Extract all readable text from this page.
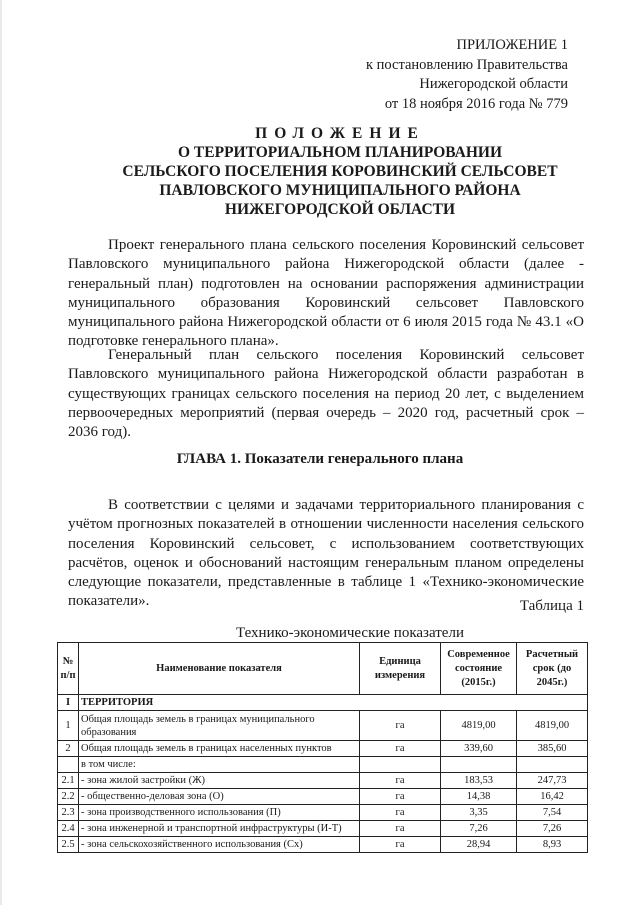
ПРИЛОЖЕНИЕ 1
к постановлению Правительства
Нижегородской области
от 18 ноября 2016 года № 779
ПОЛОЖЕНИЕ
О ТЕРРИТОРИАЛЬНОМ ПЛАНИРОВАНИИ
СЕЛЬСКОГО ПОСЕЛЕНИЯ КОРОВИНСКИЙ СЕЛЬСОВЕТ
ПАВЛОВСКОГО МУНИЦИПАЛЬНОГО РАЙОНА
НИЖЕГОРОДСКОЙ ОБЛАСТИ

Проект генерального плана сельского поселения Коровинский сельсовет Павловского муниципального района Нижегородской области (далее - генеральный план) подготовлен на основании распоряжения администрации муниципального образования Коровинский сельсовет Павловского муниципального района Нижегородской области от 6 июля 2015 года № 43.1 «О подготовке генерального плана».

Генеральный план сельского поселения Коровинский сельсовет Павловского муниципального района Нижегородской области разработан в существующих границах сельского поселения на период 20 лет, с выделением первоочередных мероприятий (первая очередь – 2020 год, расчетный срок – 2036 год).

ГЛАВА 1. Показатели генерального плана

В соответствии с целями и задачами территориального планирования с учётом прогнозных показателей в отношении численности населения сельского поселения Коровинский сельсовет, с использованием соответствующих расчётов, оценок и обоснований настоящим генеральным планом определены следующие показатели, представленные в таблице 1 «Технико-экономические показатели».	Таблица 1
Технико-экономические показатели
№ п/п	Наименование показателя	Единица измерения	Современное состояние (2015г.)	Расчетный срок (до 2045г.)
I	ТЕРРИТОРИЯ			
1	Общая площадь земель в границах муниципального образования	га	4819,00	4819,00
2	Общая площадь земель в границах населенных пунктов	га	339,60	385,60
	в том числе:			
2.1	- зона жилой застройки (Ж)	га	183,53	247,73
2.2	- общественно-деловая зона (О)	га	14,38	16,42
2.3	- зона производственного использования (П)	га	3,35	7,54
2.4	- зона инженерной и транспортной инфраструктуры (И-Т)	га	7,26	7,26
2.5	- зона сельскохозяйственного использования (Сх)	га	28,94	8,93
